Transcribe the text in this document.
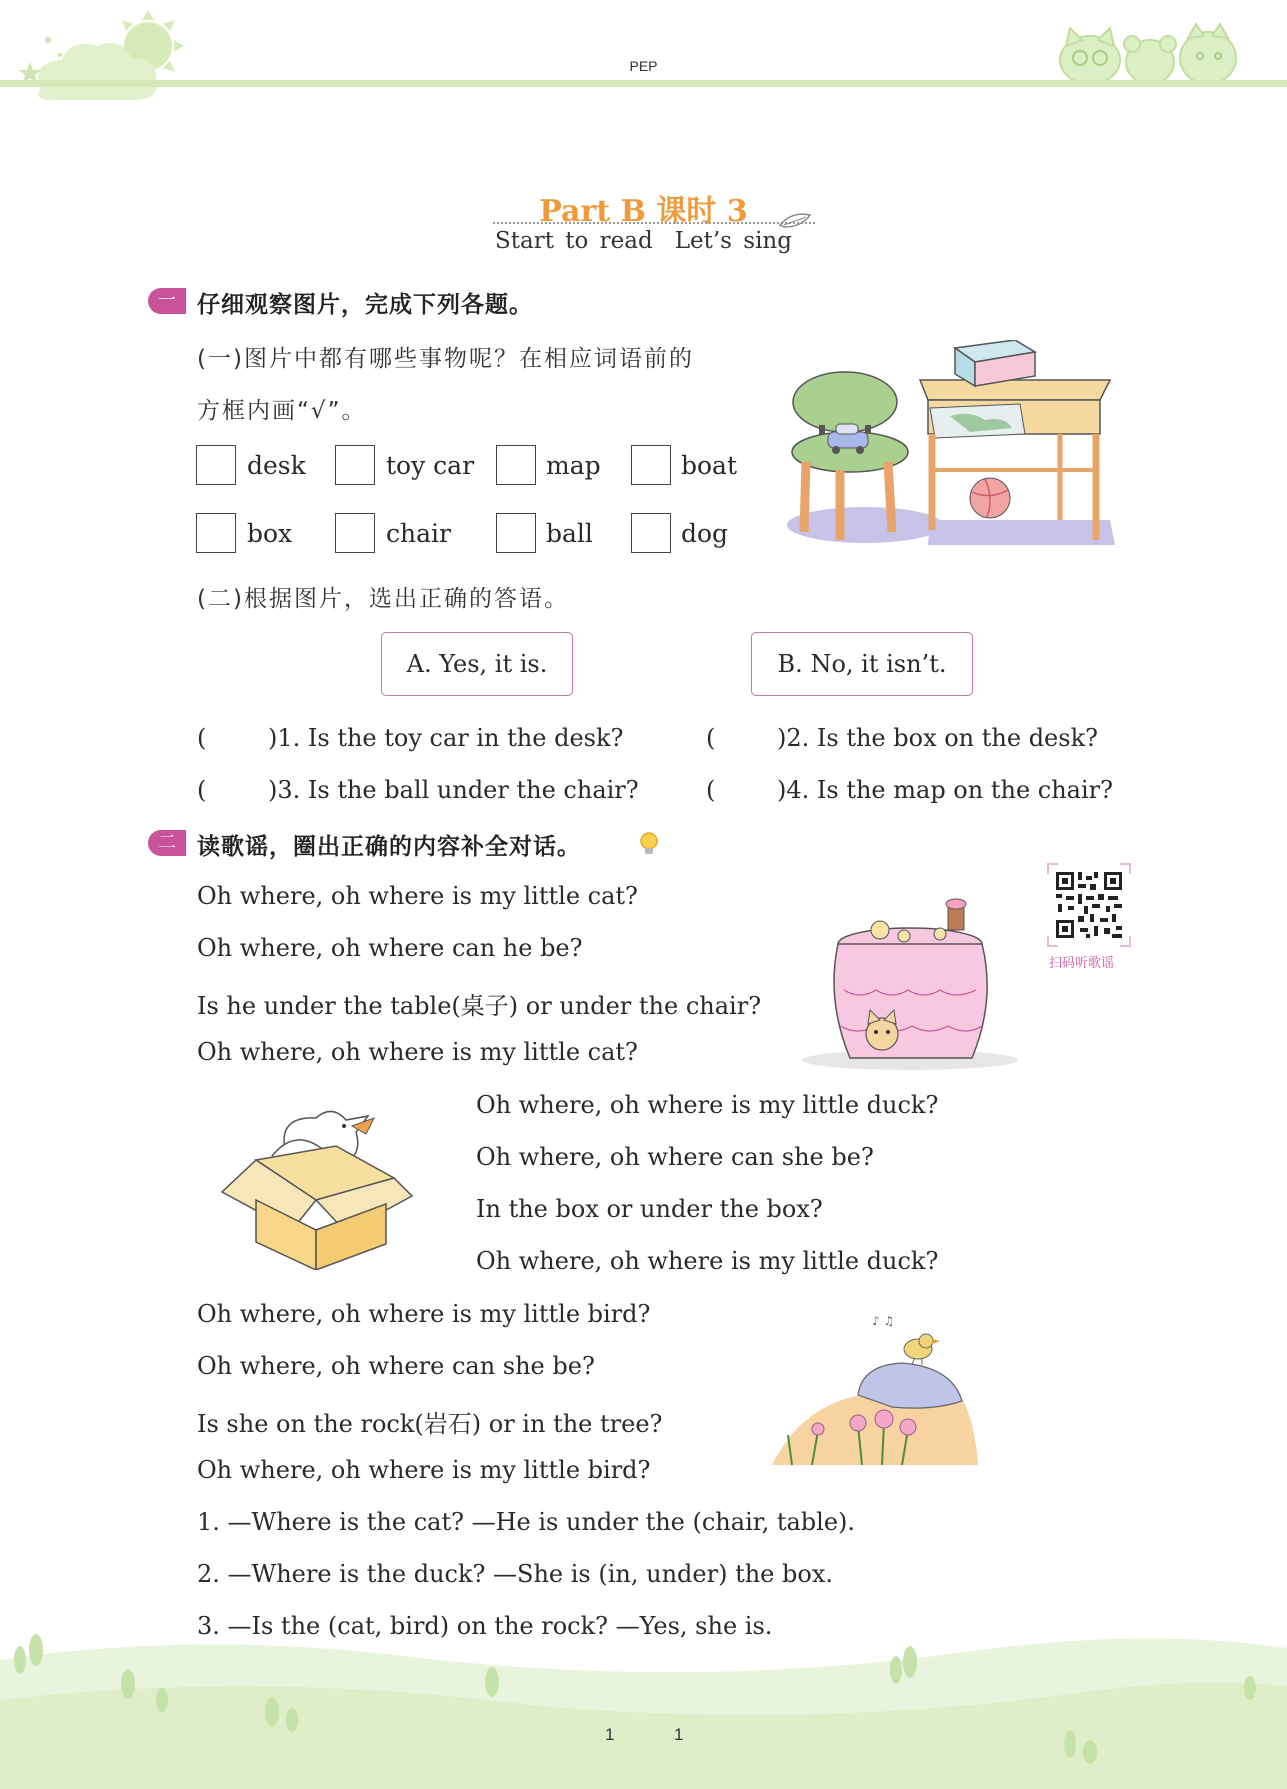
PEP
Part B 课时 3
Start to read Let’s sing
一 仔细观察图片，完成下列各题。
(一)图片中都有哪些事物呢？在相应词语前的
方框内画“√”。
desk	toy car	map	boat
box	chair	ball	dog
(二)根据图片，选出正确的答语。
A. Yes, it is.	B. No, it isn’t.
(	)1. Is the toy car in the desk?	(	)2. Is the box on the desk?
(	)3. Is the ball under the chair?	(	)4. Is the map on the chair?
二 读歌谣，圈出正确的内容补全对话。
扫码听歌谣
Oh where, oh where is my little cat?
Oh where, oh where can he be?
Is he under the table(桌子) or under the chair?
Oh where, oh where is my little cat?
Oh where, oh where is my little duck?
Oh where, oh where can she be?
In the box or under the box?
Oh where, oh where is my little duck?
Oh where, oh where is my little bird?
Oh where, oh where can she be?
Is she on the rock(岩石) or in the tree?
Oh where, oh where is my little bird?
♪ ♫
1. —Where is the cat? —He is under the (chair, table).
2. —Where is the duck? —She is (in, under) the box.
3. —Is the (cat, bird) on the rock? —Yes, she is.
1	1
